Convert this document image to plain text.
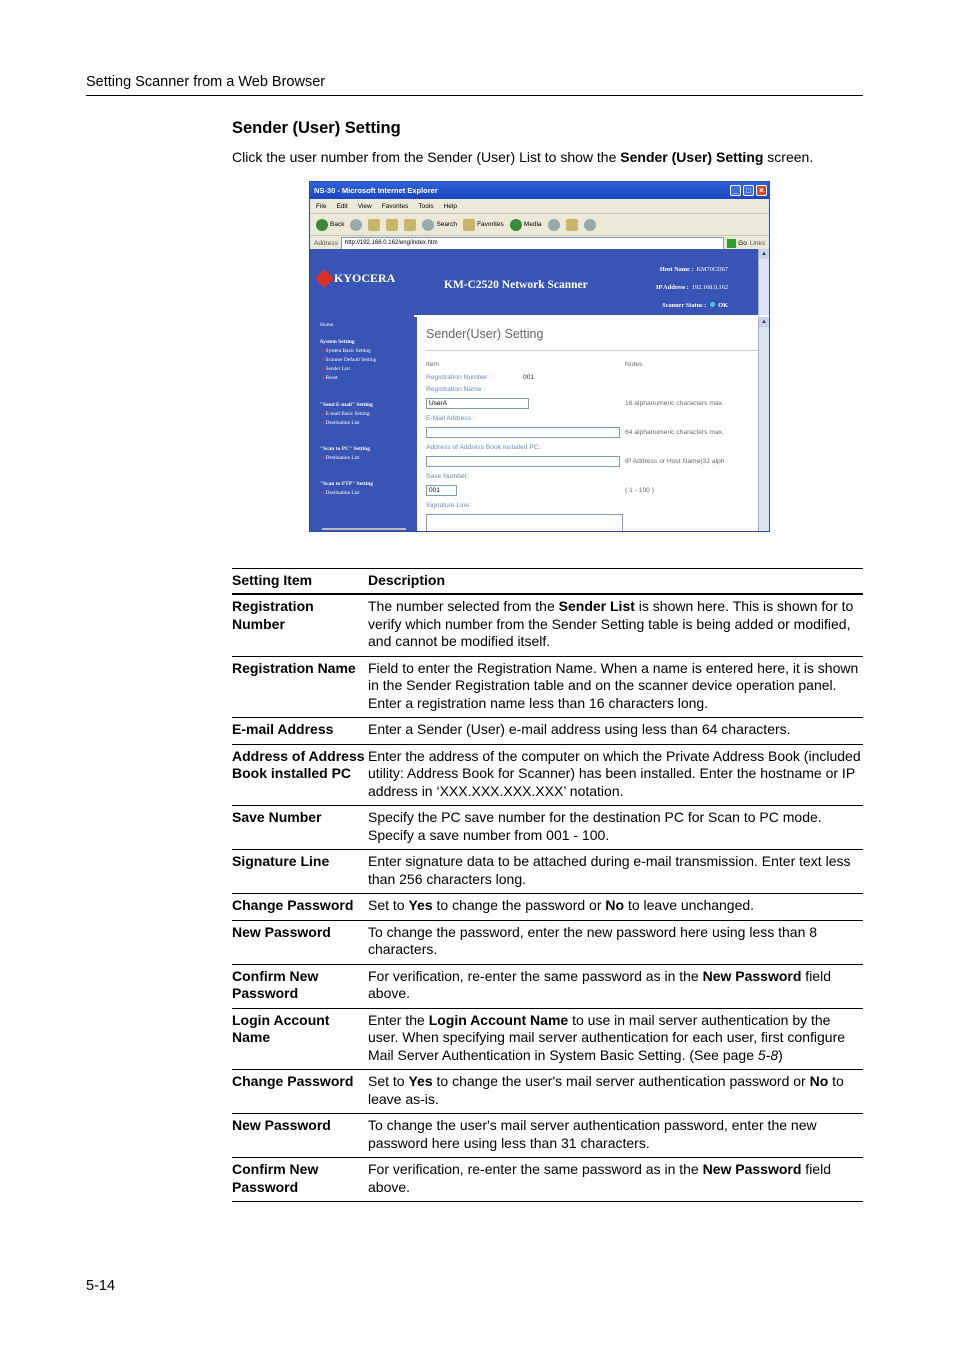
Setting Scanner from a Web Browser
Sender (User) Setting
Click the user number from the Sender (User) List to show the Sender (User) Setting screen.
NS-30 - Microsoft Internet Explorer	_	□	×
File Edit View Favorites Tools Help
Back	Search	Favorites	Media
Address	http://192.168.0.162/eng/index.htm	Go Links
KYOCERA
Home
System Setting
▸ System Basic Setting
▸ Scanner Default Setting
▸ Sender List
▸ Reset
"Send E-mail" Setting
▸ E-mail Basic Setting
▸ Destination List
"Scan to PC" Setting
▸ Destination List
"Scan to FTP" Setting
▸ Destination List
KM-C2520 Network Scanner
Host Name : KM70CD67
IP Address : 192.168.0.162
Scanner Status : OK
▲
Sender(User) Setting
Item	Notes
Registration Number :	001
Registration Name :
UserA	16 alphanumeric characters max.
E-Mail Address :
64 alphanumeric characters max.
Address of Address Book installed PC:
IP Address or Host Name(32 alph
Save Number:
001	( 1 - 100 )
Signature Line:
▲
Setting Item	Description
Registration Number	The number selected from the Sender List is shown here. This is shown for to verify which number from the Sender Setting table is being added or modified, and cannot be modified itself.
Registration Name	Field to enter the Registration Name. When a name is entered here, it is shown in the Sender Registration table and on the scanner device operation panel. Enter a registration name less than 16 characters long.
E-mail Address	Enter a Sender (User) e-mail address using less than 64 characters.
Address of Address Book installed PC	Enter the address of the computer on which the Private Address Book (included utility: Address Book for Scanner) has been installed. Enter the hostname or IP address in ‘XXX.XXX.XXX.XXX’ notation.
Save Number	Specify the PC save number for the destination PC for Scan to PC mode. Specify a save number from 001 - 100.
Signature Line	Enter signature data to be attached during e-mail transmission. Enter text less than 256 characters long.
Change Password	Set to Yes to change the password or No to leave unchanged.
New Password	To change the password, enter the new password here using less than 8 characters.
Confirm New Password	For verification, re-enter the same password as in the New Password field above.
Login Account Name	Enter the Login Account Name to use in mail server authentication by the user. When specifying mail server authentication for each user, first configure Mail Server Authentication in System Basic Setting. (See page 5-8)
Change Password	Set to Yes to change the user's mail server authentication password or No to leave as-is.
New Password	To change the user's mail server authentication password, enter the new password here using less than 31 characters.
Confirm New Password	For verification, re-enter the same password as in the New Password field above.
5-14
